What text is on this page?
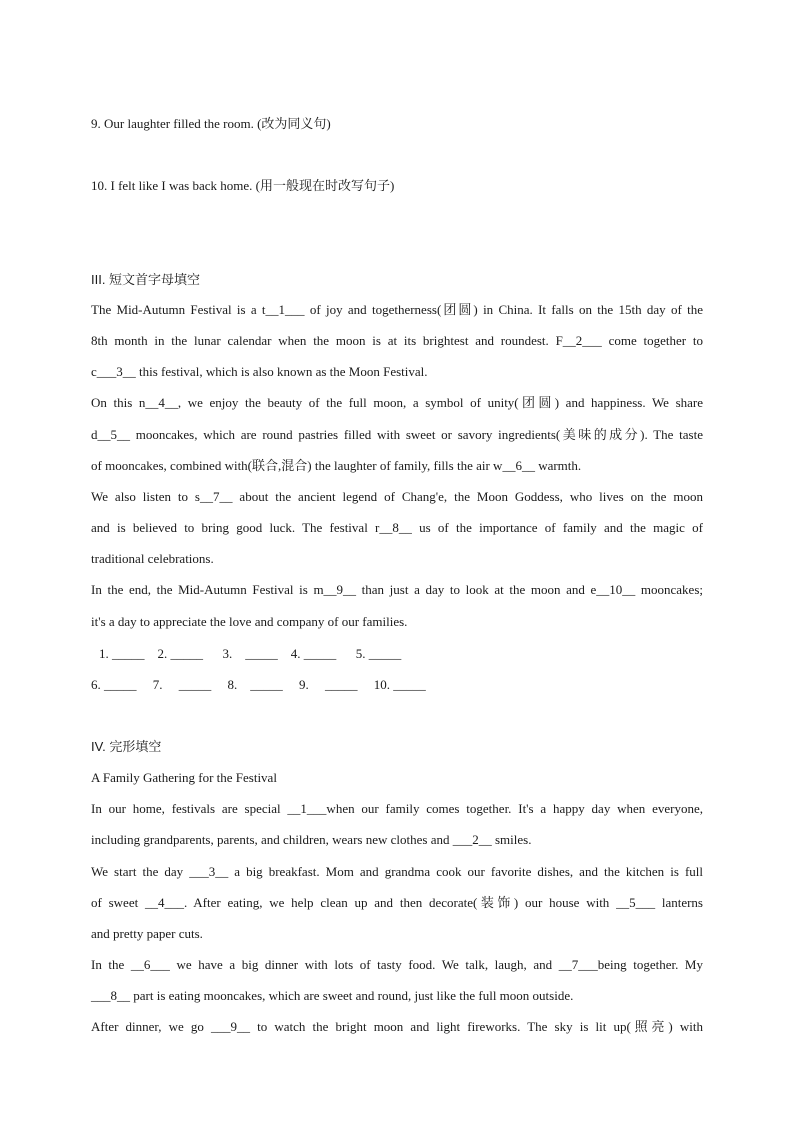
9. Our laughter filled the room. (改为同义句)
10. I felt like I was back home. (用一般现在时改写句子)
III. 短文首字母填空
The Mid-Autumn Festival is a t__1___ of joy and togetherness(团圆) in China. It falls on the 15th day of the
8th month in the lunar calendar when the moon is at its brightest and roundest. F__2___ come together to
c___3__ this festival, which is also known as the Moon Festival.
On this n__4__, we enjoy the beauty of the full moon, a symbol of unity(团圆) and happiness. We share
d__5__ mooncakes, which are round pastries filled with sweet or savory ingredients(美味的成分). The taste
of mooncakes, combined with(联合,混合) the laughter of family, fills the air w__6__ warmth.
We also listen to s__7__ about the ancient legend of Chang'e, the Moon Goddess, who lives on the moon
and is believed to bring good luck. The festival r__8__ us of the importance of family and the magic of
traditional celebrations.
In the end, the Mid-Autumn Festival is m__9__ than just a day to look at the moon and e__10__ mooncakes;
it's a day to appreciate the love and company of our families.
1. _____    2. _____      3.    _____    4. _____      5. _____
6. _____     7.     _____     8.    _____     9.     _____     10. _____
IV. 完形填空
A Family Gathering for the Festival
In our home, festivals are special __1___when our family comes together. It's a happy day when everyone,
including grandparents, parents, and children, wears new clothes and ___2__ smiles.
We start the day ___3__ a big breakfast. Mom and grandma cook our favorite dishes, and the kitchen is full
of sweet __4___. After eating, we help clean up and then decorate(装饰) our house with __5___ lanterns
and pretty paper cuts.
In the __6___ we have a big dinner with lots of tasty food. We talk, laugh, and __7___being together. My
___8__ part is eating mooncakes, which are sweet and round, just like the full moon outside.
After dinner, we go ___9__ to watch the bright moon and light fireworks. The sky is lit up(照亮) with
